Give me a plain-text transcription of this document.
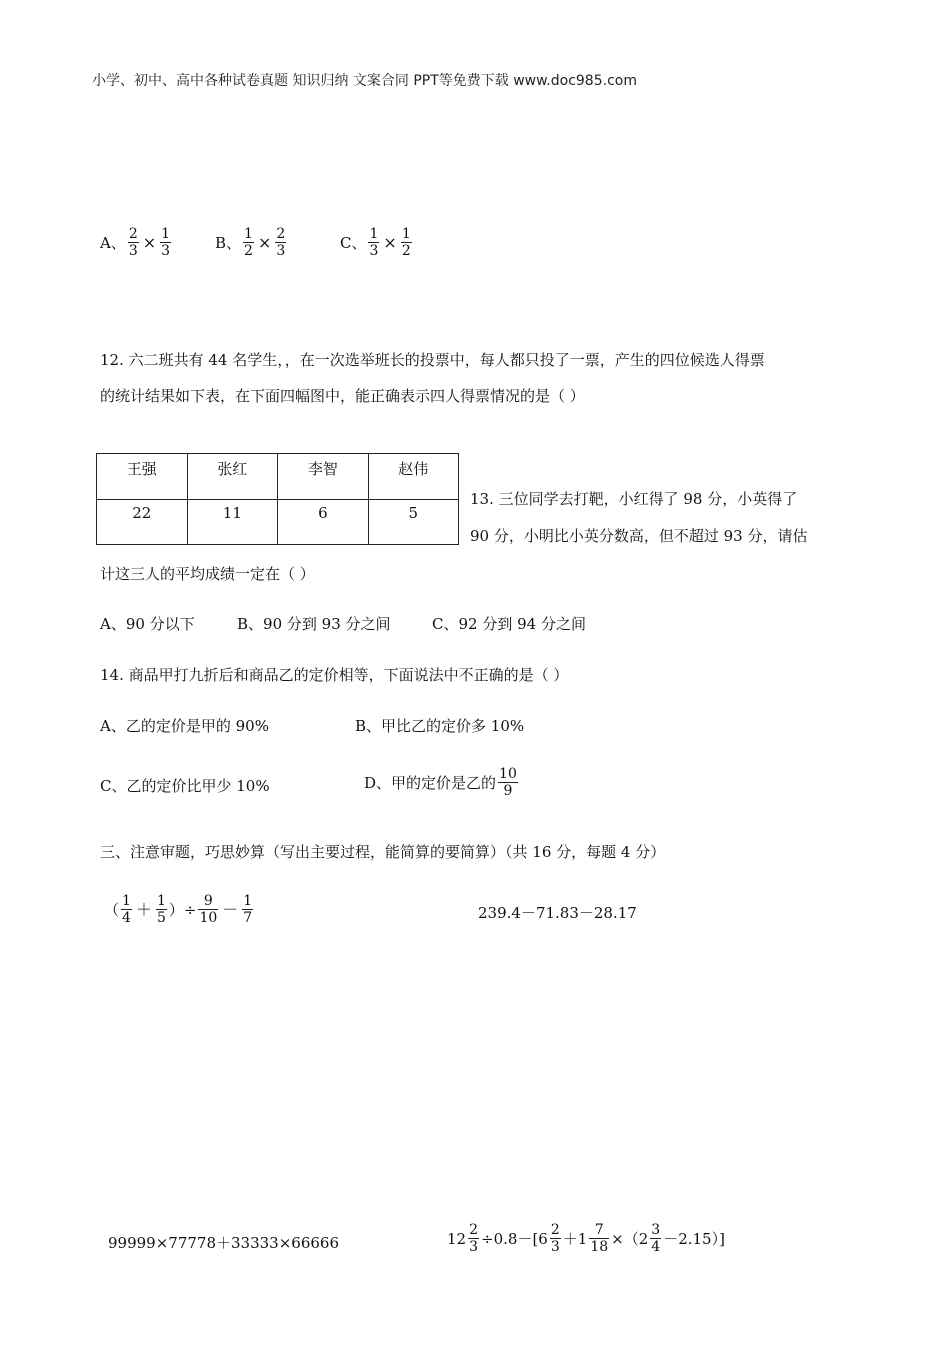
小学、初中、高中各种试卷真题 知识归纳 文案合同 PPT等免费下载 www.doc985.com
A、 $\frac{2}{3} \times \frac{1}{3}$	B、 $\frac{1}{2} \times \frac{2}{3}$	C、 $\frac{1}{3} \times \frac{1}{2}$
12. 六二班共有 44 名学生，，在一次选举班长的投票中，每人都只投了一票，产生的四位候选人得票
的统计结果如下表，在下面四幅图中，能正确表示四人得票情况的是（ ）
王强	张红	李智	赵伟
22	11	6	5
13. 三位同学去打靶，小红得了 98 分，小英得了
90 分，小明比小英分数高，但不超过 93 分，请估
计这三人的平均成绩一定在（ ）
A、90 分以下	B、90 分到 93 分之间	C、92 分到 94 分之间
14. 商品甲打九折后和商品乙的定价相等，下面说法中不正确的是（ ）
A、乙的定价是甲的 90%	B、甲比乙的定价多 10%
C、乙的定价比甲少 10%	D、甲的定价是乙的 $\frac{10}{9}$
三、注意审题，巧思妙算（写出主要过程，能简算的要简算）（共 16 分，每题 4 分）
（ $\frac{1}{4} + \frac{1}{5}$ ）÷ $\frac{9}{10} - \frac{1}{7}$	239.4－71.83－28.17
99999×77778＋33333×66666	$12 \frac{2}{3} \div 0.8-[6 \frac{2}{3} +1 \frac{7}{18} \times(2 \frac{3}{4} -2.15)]$
